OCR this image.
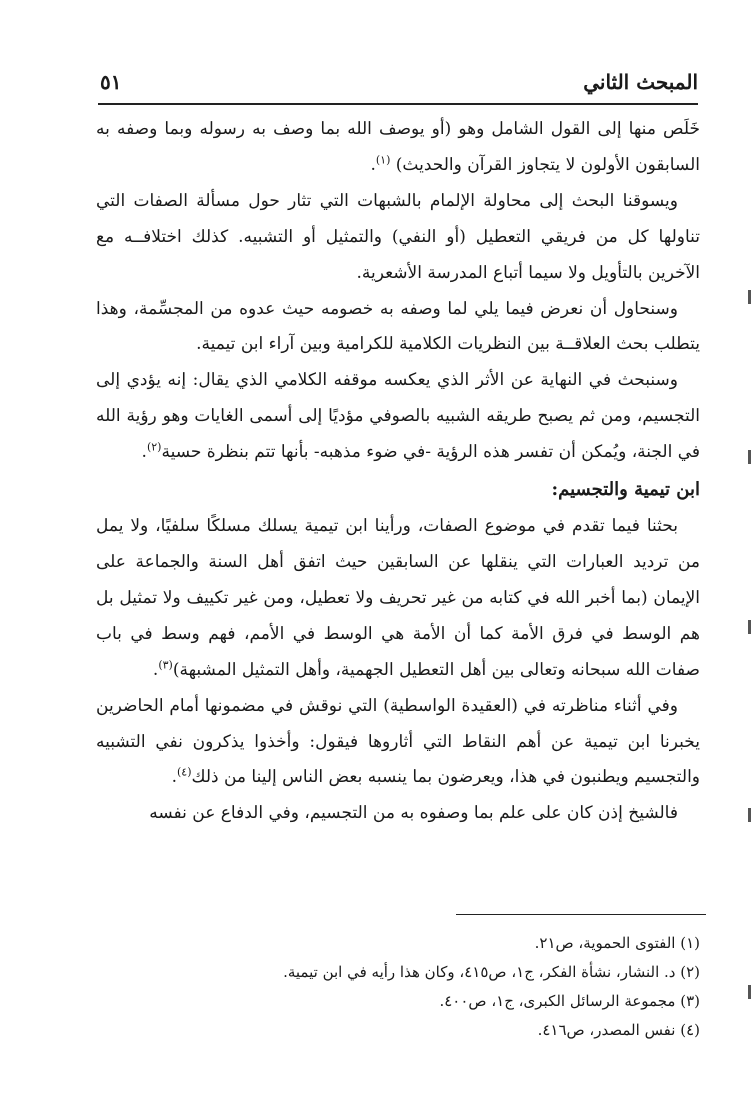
المبحث الثاني
٥١

خَلَص منها إلى القول الشامل وهو (أو يوصف الله بما وصف به رسوله وبما وصفه به السابقون الأولون لا يتجاوز القرآن والحديث) $^{(١)}$.

ويسوقنا البحث إلى محاولة الإلمام بالشبهات التي تثار حول مسألة الصفات التي تناولها كل من فريقي التعطيل (أو النفي) والتمثيل أو التشبيه. كذلك اختلافــه مع الآخرين بالتأويل ولا سيما أتباع المدرسة الأشعرية.

وسنحاول أن نعرض فيما يلي لما وصفه به خصومه حيث عدوه من المجسِّمة، وهذا يتطلب بحث العلاقــة بين النظريات الكلامية للكرامية وبين آراء ابن تيمية.

وسنبحث في النهاية عن الأثر الذي يعكسه موقفه الكلامي الذي يقال: إنه يؤدي إلى التجسيم، ومن ثم يصبح طريقه الشبيه بالصوفي مؤديًا إلى أسمى الغايات وهو رؤية الله في الجنة، ويُمكن أن تفسر هذه الرؤية -في ضوء مذهبه- بأنها تتم بنظرة حسية$^{(٢)}$.

ابن تيمية والتجسيم:

بحثنا فيما تقدم في موضوع الصفات، ورأينا ابن تيمية يسلك مسلكًا سلفيًا، ولا يمل من ترديد العبارات التي ينقلها عن السابقين حيث اتفق أهل السنة والجماعة على الإيمان (بما أخبر الله في كتابه من غير تحريف ولا تعطيل، ومن غير تكييف ولا تمثيل بل هم الوسط في فرق الأمة كما أن الأمة هي الوسط في الأمم، فهم وسط في باب صفات الله سبحانه وتعالى بين أهل التعطيل الجهمية، وأهل التمثيل المشبهة)$^{(٣)}$.

وفي أثناء مناظرته في (العقيدة الواسطية) التي نوقش في مضمونها أمام الحاضرين يخبرنا ابن تيمية عن أهم النقاط التي أثاروها فيقول: وأخذوا يذكرون نفي التشبيه والتجسيم ويطنبون في هذا، ويعرضون بما ينسبه بعض الناس إلينا من ذلك$^{(٤)}$.

فالشيخ إذن كان على علم بما وصفوه به من التجسيم، وفي الدفاع عن نفسه

(١) الفتوى الحموية، ص٢١.
(٢) د. النشار، نشأة الفكر، ج١، ص٤١٥، وكان هذا رأيه في ابن تيمية.
(٣) مجموعة الرسائل الكبرى، ج١، ص٤٠٠.
(٤) نفس المصدر، ص٤١٦.
